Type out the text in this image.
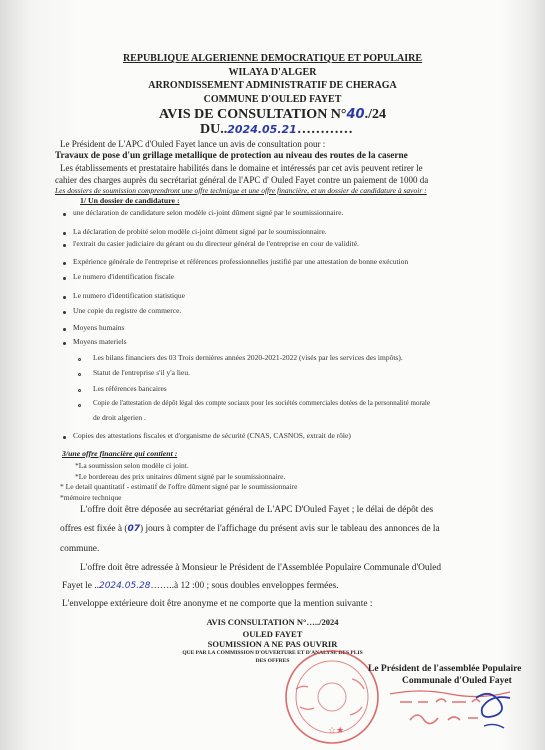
REPUBLIQUE ALGERIENNE DEMOCRATIQUE ET POPULAIRE
WILAYA D'ALGER
ARRONDISSEMENT ADMINISTRATIF DE CHERAGA
COMMUNE D'OULED FAYET
AVIS DE CONSULTATION N°40./24
DU..2024.05.21…………
Le Président de L'APC d'Ouled Fayet lance un avis de consultation pour :
Travaux de pose d'un grillage metallique de protection au niveau des routes de la caserne
Les établissements et prestataire habilités dans le domaine et intéressés par cet avis peuvent retirer le
cahier des charges auprès du secrétariat général de l'APC d' Ouled Fayet contre un paiement de 1000 da
Les dossiers de soumission comprendront une offre technique et une offre financière, et un dossier de candidature à savoir :
1/ Un dossier de candidature :
une déclaration de candidature selon modèle ci-joint dûment signé par le soumissionnaire.
La déclaration de probité selon modèle ci-joint dûment signé par le soumissionnaire.
l'extrait du casier judiciaire du gérant ou du directeur général de l'entreprise en cour de validité.
Expérience générale de l'entreprise et références professionnelles justifié par une attestation de bonne exécution
Le numero d'identification fiscale
Le numero d'identification statistique
Une copie du registre de commerce.
Moyens humains
Moyens materiels
Les bilans financiers des 03 Trois dernières années 2020-2021-2022 (visés par les services des impôts).
Statut de l'entreprise s'il y'a lieu.
Les références bancaires
Copie de l'attestation de dépôt légal des compte sociaux pour les sociétés commerciales dotées de la personnalité morale
de droit algerien .
Copies des attestations fiscales et d'organisme de sécurité (CNAS, CASNOS, extrait de rôle)
3/une offre financière qui contient :
*La soumission selon modèle ci joint.
*Le bordereau des prix unitaires dûment signé par le soumissionnaire.
* Le detail quantitatif - estimatif de l'offre dûment signé par le soumissionnaire
*mémoire technique
L'offre doit être déposée au secrétariat général de L'APC D'Ouled Fayet ; le délai de dépôt des
offres est fixée à (07) jours à compter de l'affichage du présent avis sur le tableau des annonces de la
commune.
L'offre doit être adressée à Monsieur le Président de l'Assemblée Populaire Communale d'Ouled
Fayet le ..2024.05.28……..à 12 :00 ; sous doubles enveloppes fermées.
L'enveloppe extérieure doit être anonyme et ne comporte que la mention suivante :
AVIS CONSULTATION N°…../2024
OULED FAYET
SOUMISSION A NE PAS OUVRIR
QUE PAR LA COMMISSION D'OUVERTURE ET D'ANALYSE DES PLIS
DES OFFRES
☆★
Le Président de l'assemblée Populaire
Communale d'Ouled Fayet
